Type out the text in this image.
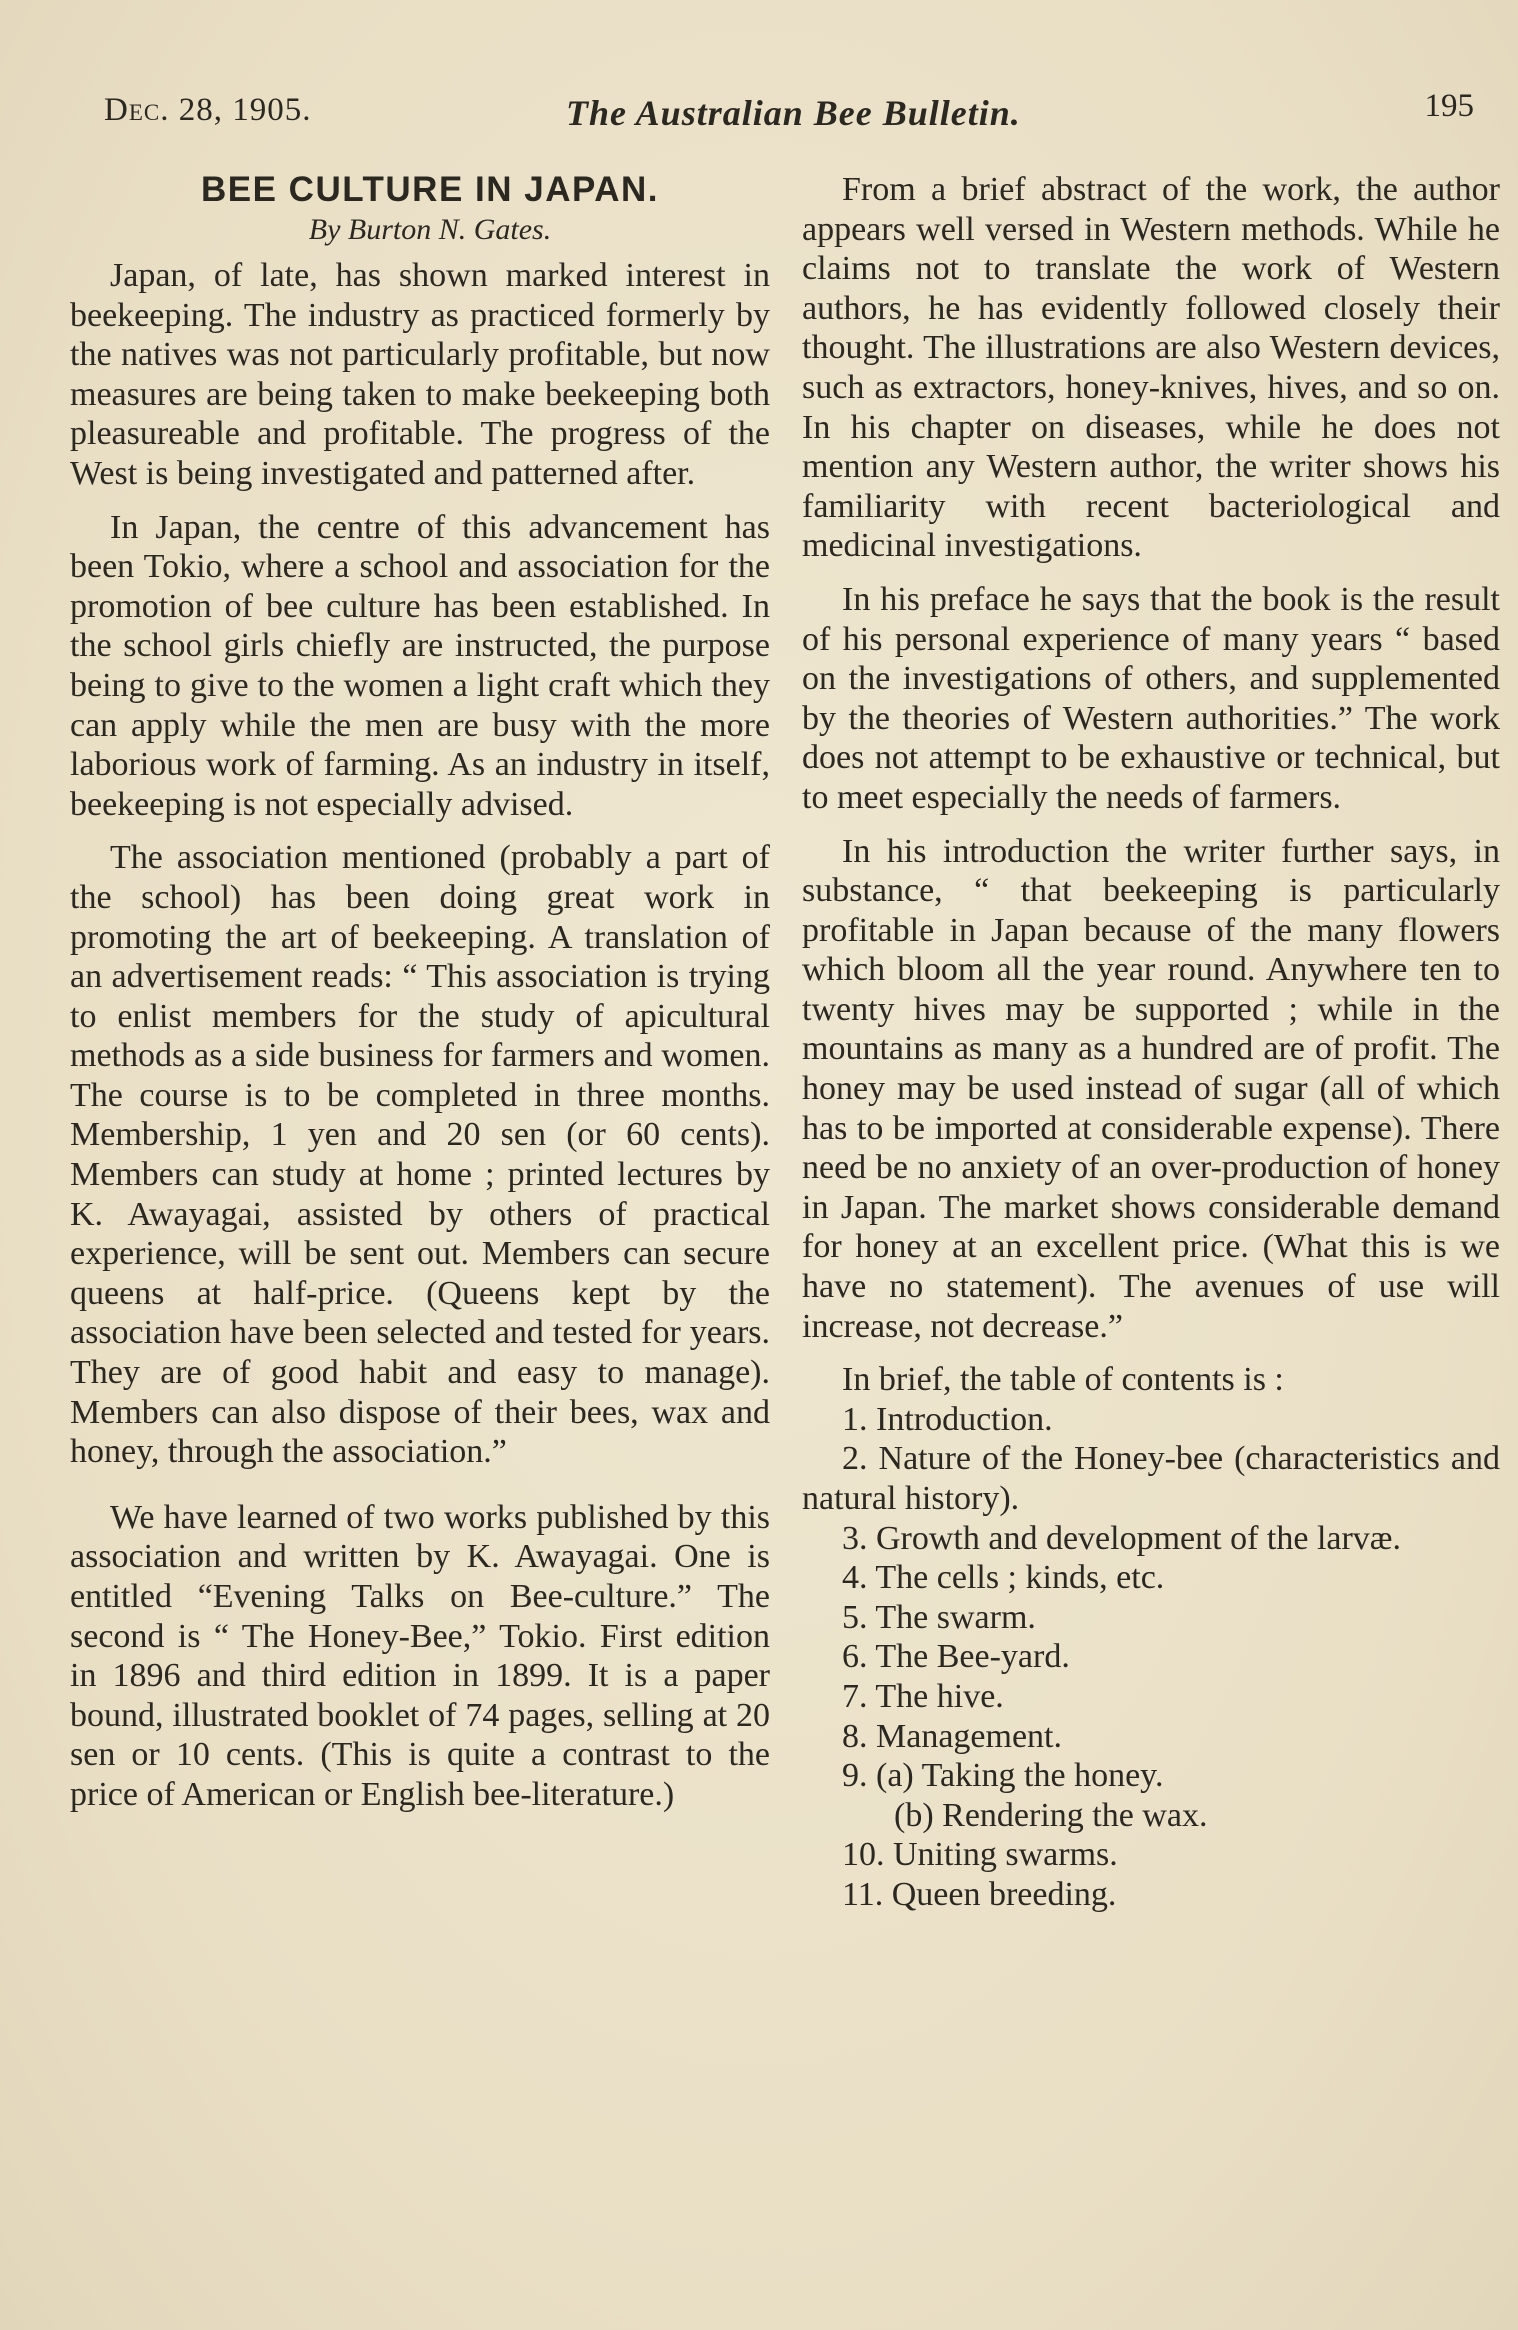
Dec. 28, 1905.	The Australian Bee Bulletin.	195
BEE CULTURE IN JAPAN.
By Burton N. Gates.

Japan, of late, has shown marked interest in beekeeping. The industry as practiced formerly by the natives was not particularly profitable, but now measures are being taken to make beekeeping both pleasureable and profitable. The progress of the West is being investigated and patterned after.

In Japan, the centre of this advancement has been Tokio, where a school and association for the promotion of bee culture has been established. In the school girls chiefly are instructed, the purpose being to give to the women a light craft which they can apply while the men are busy with the more laborious work of farming. As an industry in itself, beekeeping is not especially advised.

The association mentioned (probably a part of the school) has been doing great work in promoting the art of beekeeping. A translation of an advertisement reads: “ This association is trying to enlist members for the study of apicultural methods as a side business for farmers and women. The course is to be completed in three months. Membership, 1 yen and 20 sen (or 60 cents). Members can study at home ; printed lectures by K. Awayagai, assisted by others of practical experience, will be sent out. Members can secure queens at half-price. (Queens kept by the association have been selected and tested for years. They are of good habit and easy to manage). Members can also dispose of their bees, wax and honey, through the association.”

We have learned of two works published by this association and written by K. Awayagai. One is entitled “Evening Talks on Bee-culture.” The second is “ The Honey-Bee,” Tokio. First edition in 1896 and third edition in 1899. It is a paper bound, illustrated booklet of 74 pages, selling at 20 sen or 10 cents. (This is quite a contrast to the price of American or English bee-literature.)

From a brief abstract of the work, the author appears well versed in Western methods. While he claims not to translate the work of Western authors, he has evidently followed closely their thought. The illustrations are also Western devices, such as extractors, honey-knives, hives, and so on. In his chapter on diseases, while he does not mention any Western author, the writer shows his familiarity with recent bacteriological and medicinal investigations.

In his preface he says that the book is the result of his personal experience of many years “ based on the investigations of others, and supplemented by the theories of Western authorities.” The work does not attempt to be exhaustive or technical, but to meet especially the needs of farmers.

In his introduction the writer further says, in substance, “ that beekeeping is particularly profitable in Japan because of the many flowers which bloom all the year round. Anywhere ten to twenty hives may be supported ; while in the mountains as many as a hundred are of profit. The honey may be used instead of sugar (all of which has to be imported at considerable expense). There need be no anxiety of an over-production of honey in Japan. The market shows considerable demand for honey at an excellent price. (What this is we have no statement). The avenues of use will increase, not decrease.”

In brief, the table of contents is :
1. Introduction.
2. Nature of the Honey-bee (characteristics and natural history).
3. Growth and development of the larvæ.
4. The cells ; kinds, etc.
5. The swarm.
6. The Bee-yard.
7. The hive.
8. Management.
9. (a) Taking the honey.
(b) Rendering the wax.
10. Uniting swarms.
11. Queen breeding.
